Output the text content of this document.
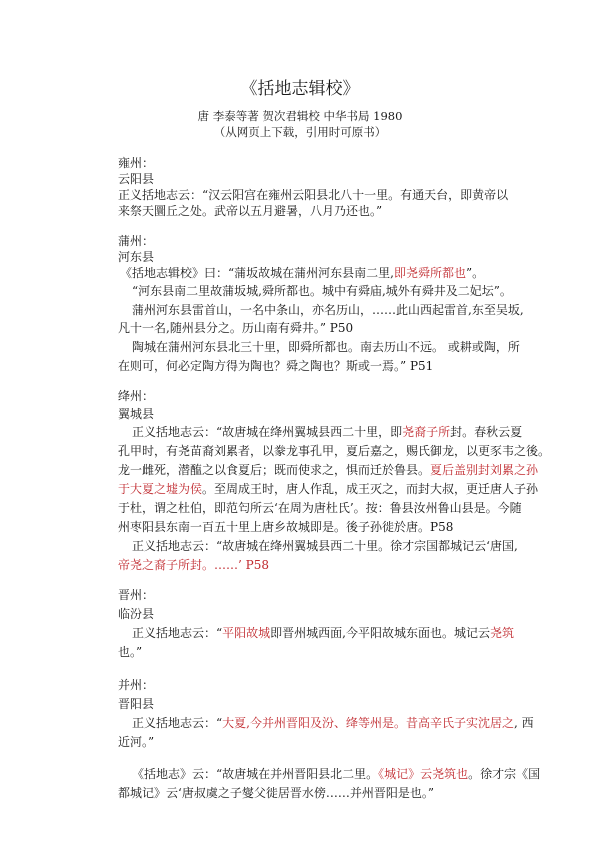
《括地志辑校》
唐 李泰等著 贺次君辑校 中华书局 1980
（从网页上下载，引用时可原书）
雍州：
云阳县
正义括地志云：“汉云阳宫在雍州云阳县北八十一里。有通天台，即黄帝以
来祭天圜丘之处。武帝以五月避暑，八月乃还也。”
蒲州：
河东县
《括地志辑校》曰：“蒲坂故城在蒲州河东县南二里,即尧舜所都也”。
“河东县南二里故蒲坂城,舜所都也。城中有舜庙,城外有舜井及二妃坛”。
蒲州河东县雷首山，一名中条山，亦名历山，……此山西起雷首,东至吴坂,
凡十一名,随州县分之。历山南有舜井。” P50
陶城在蒲州河东县北三十里，即舜所都也。南去历山不远。 或耕或陶，所
在则可，何必定陶方得为陶也？舜之陶也？斯或一焉。” P51
绛州：
翼城县
正义括地志云：“故唐城在绛州翼城县西二十里，即尧裔子所封。春秋云夏
孔甲时，有尧苗裔刘累者，以豢龙事孔甲，夏后嘉之，赐氏御龙，以更豕韦之後。
龙一雌死，潜醢之以食夏后；既而使求之，惧而迁於鲁县。夏后盖别封刘累之孙
于大夏之墟为侯。至周成王时，唐人作乱，成王灭之，而封大叔，更迁唐人子孙
于杜，谓之杜伯，即范匄所云‘在周为唐杜氏’。按：鲁县汝州鲁山县是。今随
州枣阳县东南一百五十里上唐乡故城即是。後子孙徙於唐。P58
正义括地志云：“故唐城在绛州翼城县西二十里。徐才宗国都城记云‘唐国,
帝尧之裔子所封。……’ P58
晋州：
临汾县
正义括地志云：“平阳故城即晋州城西面,今平阳故城东面也。城记云尧筑
也。”
并州：
晋阳县
正义括地志云：“大夏,今并州晋阳及汾、绛等州是。昔高辛氏子实沈居之, 西
近河。”
《括地志》云：“故唐城在并州晋阳县北二里。《城记》云尧筑也。徐才宗《国
都城记》云‘唐叔虞之子燮父徙居晋水傍……并州晋阳是也。”
